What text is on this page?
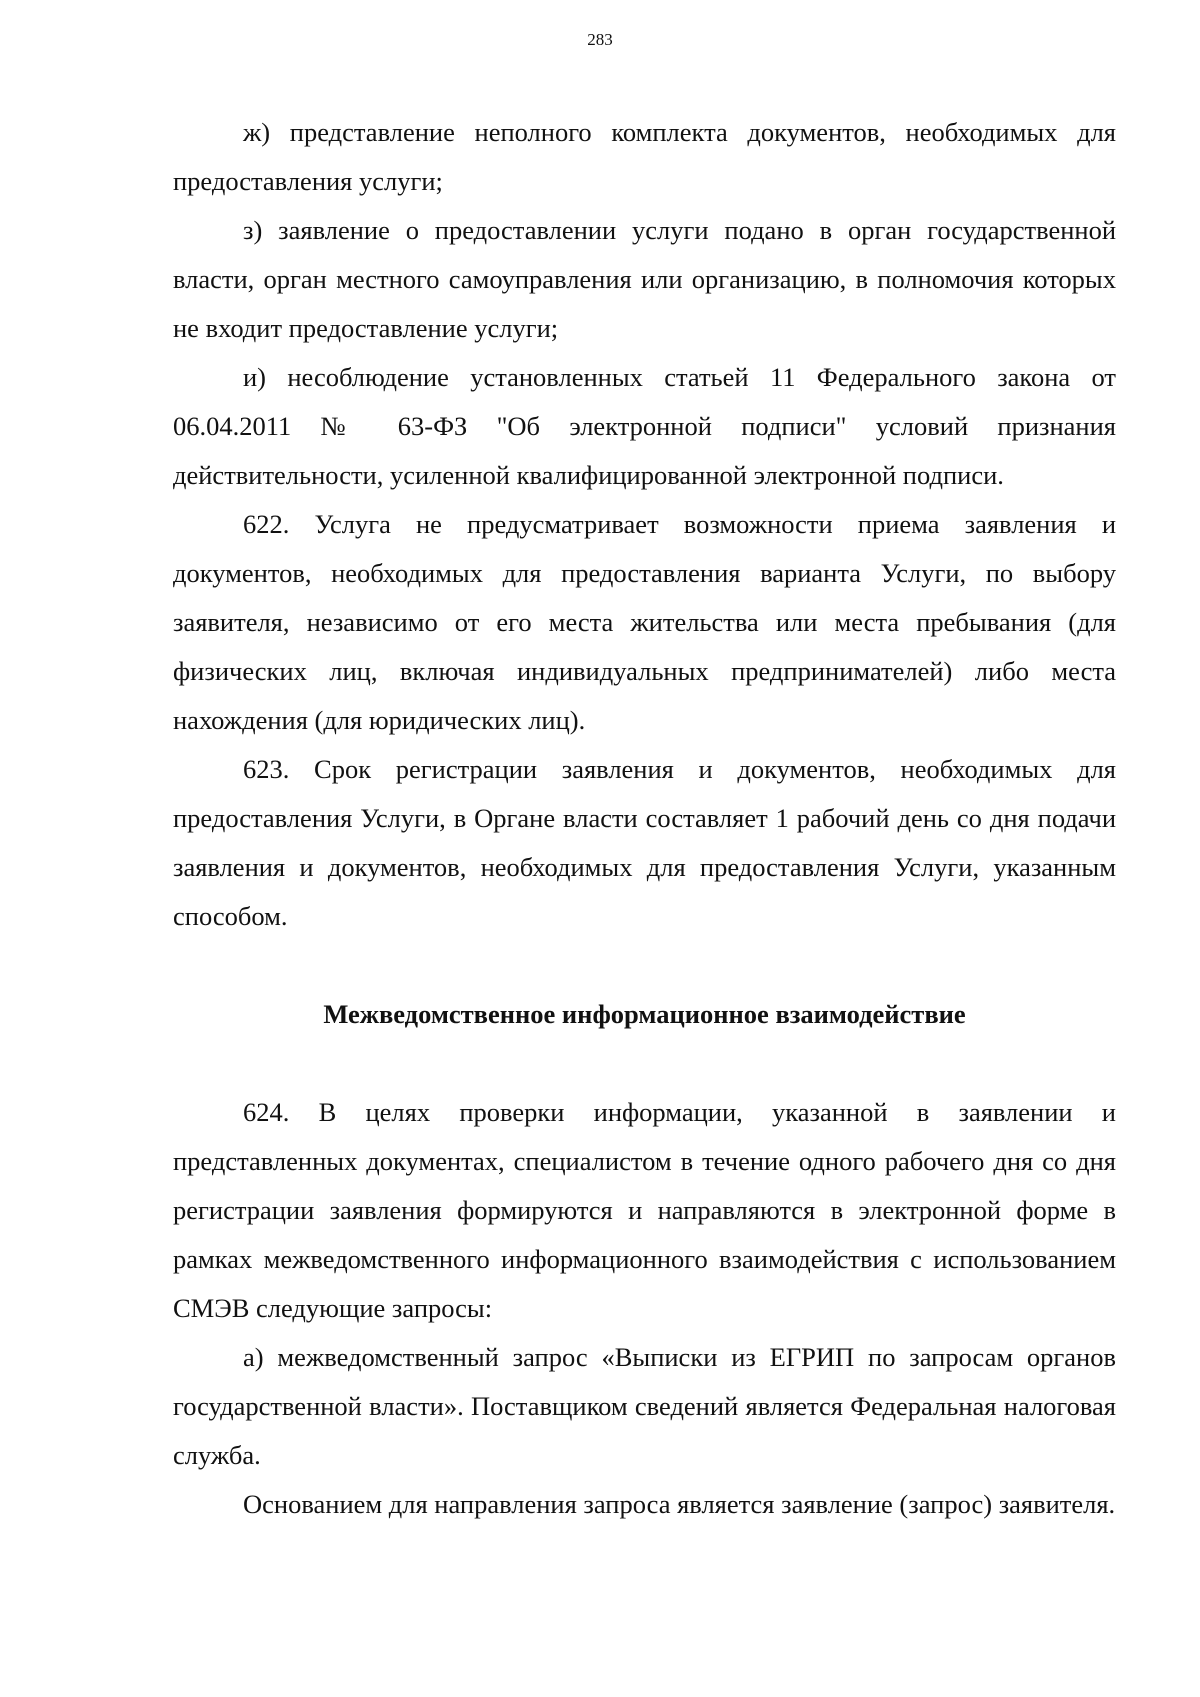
283

ж) представление неполного комплекта документов, необходимых для предоставления услуги;

з) заявление о предоставлении услуги подано в орган государственной власти, орган местного самоуправления или организацию, в полномочия которых не входит предоставление услуги;

и) несоблюдение установленных статьей 11 Федерального закона от 06.04.2011 № 63-ФЗ "Об электронной подписи" условий признания действительности, усиленной квалифицированной электронной подписи.

622. Услуга не предусматривает возможности приема заявления и документов, необходимых для предоставления варианта Услуги, по выбору заявителя, независимо от его места жительства или места пребывания (для физических лиц, включая индивидуальных предпринимателей) либо места нахождения (для юридических лиц).

623. Срок регистрации заявления и документов, необходимых для предоставления Услуги, в Органе власти составляет 1 рабочий день со дня подачи заявления и документов, необходимых для предоставления Услуги, указанным способом.

Межведомственное информационное взаимодействие

624. В целях проверки информации, указанной в заявлении и представленных документах, специалистом в течение одного рабочего дня со дня регистрации заявления формируются и направляются в электронной форме в рамках межведомственного информационного взаимодействия с использованием СМЭВ следующие запросы:

а) межведомственный запрос «Выписки из ЕГРИП по запросам органов государственной власти». Поставщиком сведений является Федеральная налоговая служба.

Основанием для направления запроса является заявление (запрос) заявителя.
